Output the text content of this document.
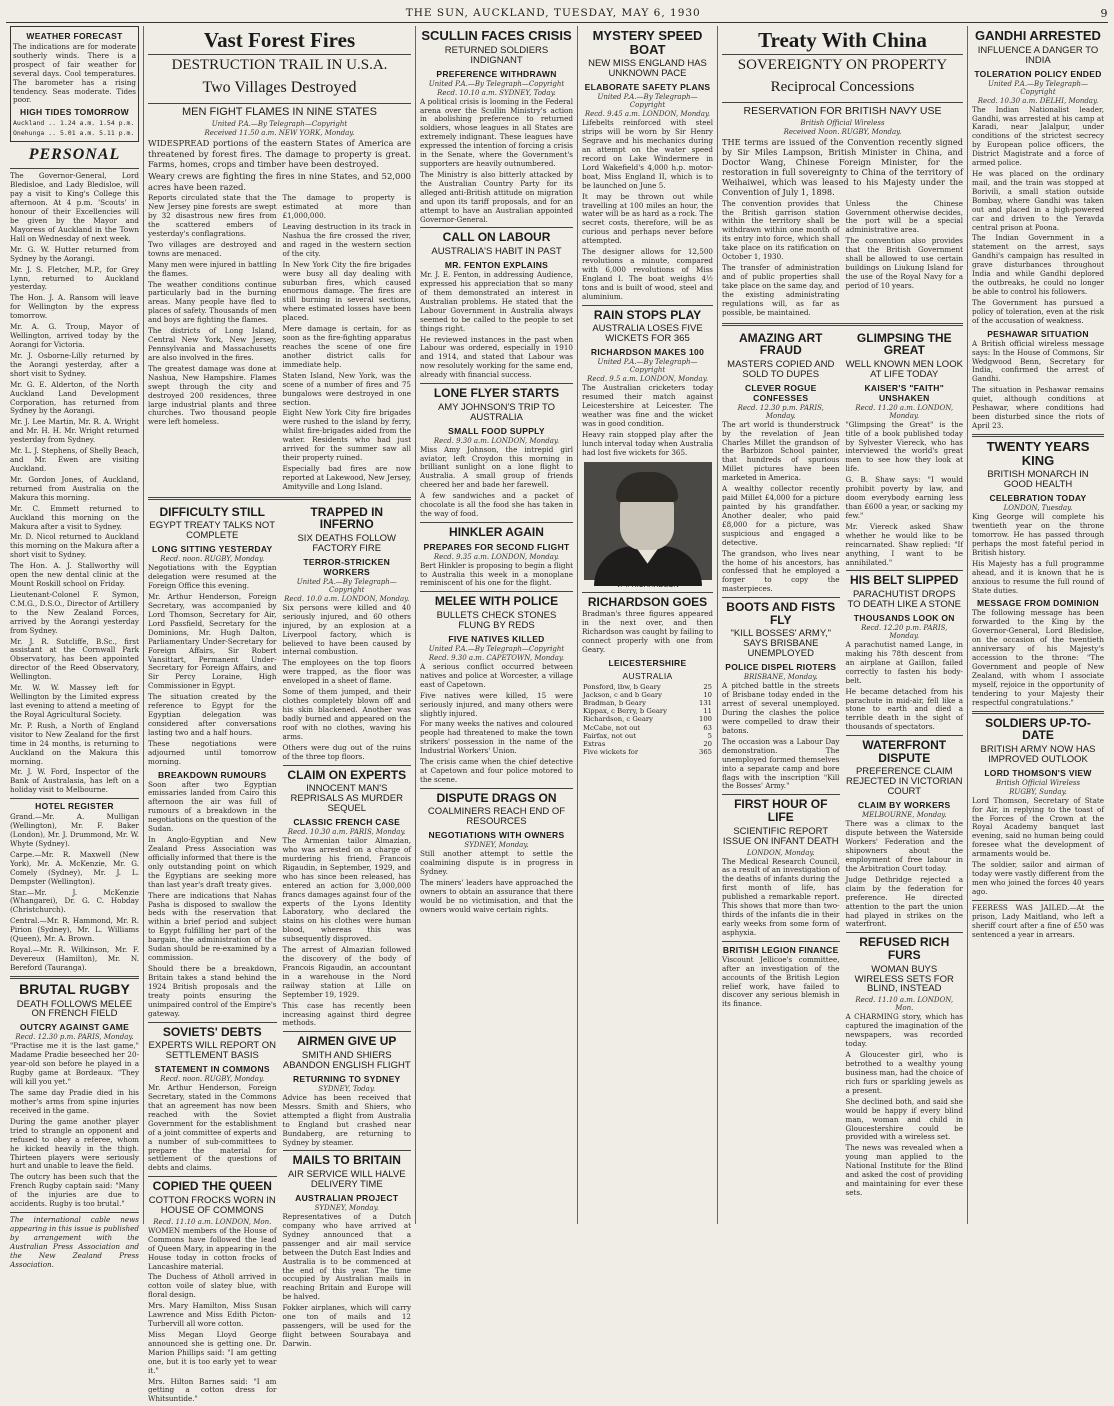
THE SUN, AUCKLAND, TUESDAY, MAY 6, 1930	9
WEATHER FORECAST

The indications are for moderate southerly winds. There is a prospect of fair weather for several days. Cool temperatures. The barometer has a rising tendency. Seas moderate. Tides poor.

HIGH TIDES TOMORROW

Auckland .. 1.24 a.m. 1.54 p.m.

Onehunga .. 5.01 a.m. 5.11 p.m.

PERSONAL

The Governor-General, Lord Bledisloe, and Lady Bledisloe, will pay a visit to King's College this afternoon. At 4 p.m. 'Scouts' in honour of their Excellencies will be given by the Mayor and Mayoress of Auckland in the Town Hall on Wednesday of next week.

Mr. G. W. Hutter returned from Sydney by the Aorangi.

Mr. J. S. Fletcher, M.P., for Grey Lynn, returned to Auckland yesterday.

The Hon. J. A. Ransom will leave for Wellington by the express tomorrow.

Mr. A. G. Troup, Mayor of Wellington, arrived today by the Aorangi for Victoria.

Mr. J. Osborne-Lilly returned by the Aorangi yesterday, after a short visit to Sydney.

Mr. G. E. Alderton, of the North Auckland Land Development Corporation, has returned from Sydney by the Aorangi.

Mr. J. Lee Martin, Mr. R. A. Wright and Mr. H. H. Mr. Wright returned yesterday from Sydney.

Mr. L. J. Stephens, of Shelly Beach, and Mr. Ewen are visiting Auckland.

Mr. Gordon Jones, of Auckland, returned from Australia on the Makura this morning.

Mr. C. Emmett returned to Auckland this morning on the Makura after a visit to Sydney.

Mr. D. Nicol returned to Auckland this morning on the Makura after a short visit to Sydney.

The Hon. A. J. Stallworthy will open the new dental clinic at the Mount Roskill school on Friday.

Lieutenant-Colonel F. Symon, C.M.G., D.S.O., Director of Artillery to the New Zealand Forces, arrived by the Aorangi yesterday from Sydney.

Mr. J. R. Sutcliffe, B.Sc., first assistant at the Cornwall Park Observatory, has been appointed director of the Reed Observatory, Wellington.

Mr. W. W. Massey left for Wellington by the Limited express last evening to attend a meeting of the Royal Agricultural Society.

Mr. P. Rush, a North of England visitor to New Zealand for the first time in 24 months, is returning to Auckland on the Makura this morning.

Mr. J. W. Ford, Inspector of the Bank of Australasia, has left on a holiday visit to Melbourne.

HOTEL REGISTER

Grand.—Mr. A. Mulligan (Wellington), Mr. F. Baker (London), Mr. J. Drummond, Mr. W. Whyte (Sydney).

Carpe.—Mr. R. Maxwell (New York), Mr. A. McKenzie, Mr. G. Comely (Sydney), Mr. J. L. Dempster (Wellington).

Star.—Mr. J. McKenzie (Whangarei), Dr. G. C. Hobday (Christchurch).

Central.—Mr. R. Hammond, Mr. R. Pirion (Sydney), Mr. L. Williams (Queen), Mr. A. Brown.

Royal.—Mr. R. Wilkinson, Mr. F. Devereux (Hamilton), Mr. N. Bereford (Tauranga).

BRUTAL RUGBY
DEATH FOLLOWS MELEE ON FRENCH FIELD
OUTCRY AGAINST GAME
Recd. 12.30 p.m. PARIS, Monday.

"Practise me it is the last game," Madame Pradie beseeched her 20-year-old son before he played in a Rugby game at Bordeaux. "They will kill you yet."

The same day Pradie died in his mother's arms from spine injuries received in the game.

During the game another player tried to strangle an opponent and refused to obey a referee, whom he kicked heavily in the thigh. Thirteen players were seriously hurt and unable to leave the field.

The outcry has been such that the French Rugby captain said: "Many of the injuries are due to accidents. Rugby is too brutal."

The international cable news appearing in this issue is published by arrangement with the Australian Press Association and the New Zealand Press Association.

Vast Forest Fires
DESTRUCTION TRAIL IN U.S.A.
Two Villages Destroyed
MEN FIGHT FLAMES IN NINE STATES
United P.A.—By Telegraph—Copyright
Received 11.50 a.m. NEW YORK, Monday.

WIDESPREAD portions of the eastern States of America are threatened by forest fires. The damage to property is great. Farms, homes, crops and timber have been destroyed.

Weary crews are fighting the fires in nine States, and 52,000 acres have been razed.

Reports circulated state that the New Jersey pine forests are swept by 32 disastrous new fires from the scattered embers of yesterday's conflagrations.

Two villages are destroyed and towns are menaced.

Many men were injured in battling the flames.

The weather conditions continue particularly bad in the burning areas. Many people have fled to places of safety. Thousands of men and boys are fighting the flames.

The districts of Long Island, Central New York, New Jersey, Pennsylvania and Massachusetts are also involved in the fires.

The greatest damage was done at Nashua, New Hampshire. Flames swept through the city and destroyed 200 residences, three large industrial plants and three churches. Two thousand people were left homeless.

The damage to property is estimated at more than £1,000,000.

Leaving destruction in its track in Nashua the fire crossed the river, and raged in the western section of the city.

In New York City the fire brigades were busy all day dealing with suburban fires, which caused enormous damage. The fires are still burning in several sections, where estimated losses have been placed.

Mere damage is certain, for as soon as the fire-fighting apparatus reaches the scene of one fire another district calls for immediate help.

Staten Island, New York, was the scene of a number of fires and 75 bungalows were destroyed in one section.

Eight New York City fire brigades were rushed to the island by ferry, whilst fire-brigades aided from the water. Residents who had just arrived for the summer saw all their property ruined.

Especially bad fires are now reported at Lakewood, New Jersey, Amityville and Long Island.

DIFFICULTY STILL
EGYPT TREATY TALKS NOT COMPLETE
LONG SITTING YESTERDAY
Recd. noon. RUGBY, Monday.

Negotiations with the Egyptian delegation were resumed at the Foreign Office this evening.

Mr. Arthur Henderson, Foreign Secretary, was accompanied by Lord Thomson, Secretary for Air, Lord Passfield, Secretary for the Dominions, Mr. Hugh Dalton, Parliamentary Under-Secretary for Foreign Affairs, Sir Robert Vansittart, Permanent Under-Secretary for Foreign Affairs, and Sir Percy Loraine, High Commissioner in Egypt.

The situation created by the reference to Egypt for the Egyptian delegation was considered after conversations lasting two and a half hours.

These negotiations were adjourned until tomorrow morning.

BREAKDOWN RUMOURS

Soon after two Egyptian emissaries landed from Cairo this afternoon the air was full of rumours of a breakdown in the negotiations on the question of the Sudan.

In Anglo-Egyptian and New Zealand Press Association was officially informed that there is the only outstanding point on which the Egyptians are seeking more than last year's draft treaty gives.

There are indications that Nahas Pasha is disposed to swallow the beds with the reservation that within a brief period and subject to Egypt fulfilling her part of the bargain, the administration of the Sudan should be re-examined by a commission.

Should there be a breakdown, Britain takes a stand behind the 1924 British proposals and the treaty points ensuring the unimpaired control of the Empire's gateway.

SOVIETS' DEBTS
EXPERTS WILL REPORT ON SETTLEMENT BASIS
STATEMENT IN COMMONS
Recd. noon. RUGBY, Monday.

Mr. Arthur Henderson, Foreign Secretary, stated in the Commons that an agreement has now been reached with the Soviet Government for the establishment of a joint committee of experts and a number of sub-committees to prepare the material for settlement of the questions of debts and claims.

COPIED THE QUEEN
COTTON FROCKS WORN IN HOUSE OF COMMONS
Recd. 11.10 a.m. LONDON, Mon.

WOMEN members of the House of Commons have followed the lead of Queen Mary, in appearing in the House today in cotton frocks of Lancashire material.

The Duchess of Atholl arrived in cotton voile of slatey blue, with floral design.

Mrs. Mary Hamilton, Miss Susan Lawrence and Miss Edith Picton-Turbervill all wore cotton.

Miss Megan Lloyd George announced she is getting one. Dr. Marion Phillips said: "I am getting one, but it is too early yet to wear it."

Mrs. Hilton Barnes said: "I am getting a cotton dress for Whitsuntide."

TRAPPED IN INFERNO
SIX DEATHS FOLLOW FACTORY FIRE
TERROR-STRICKEN WORKERS
United P.A.—By Telegraph—Copyright
Recd. 10.0 a.m. LONDON, Monday.

Six persons were killed and 40 seriously injured, and 60 others injured, by an explosion at a Liverpool factory, which is believed to have been caused by internal combustion.

The employees on the top floors were trapped, as the floor was enveloped in a sheet of flame.

Some of them jumped, and their clothes completely blown off and his skin blackened. Another was badly burned and appeared on the roof with no clothes, waving his arms.

Others were dug out of the ruins of the three top floors.

CLAIM ON EXPERTS
INNOCENT MAN'S REPRISALS AS MURDER SEQUEL
CLASSIC FRENCH CASE
Recd. 10.30 a.m. PARIS, Monday.

The Armenian tailor Almazian, who was arrested on a charge of murdering his friend, Francois Rigaudin, in September, 1929, and who has since been released, has entered an action for 3,000,000 francs damages against four of the experts of the Lyons Identity Laboratory, who declared the stains on his clothes were human blood, whereas this was subsequently disproved.

The arrest of Almazian followed the discovery of the body of Francois Rigaudin, an accountant in a warehouse in the Nord railway station at Lille on September 19, 1929.

This case has recently been increasing against third degree methods.

AIRMEN GIVE UP
SMITH AND SHIERS ABANDON ENGLISH FLIGHT
RETURNING TO SYDNEY
SYDNEY, Today.

Advice has been received that Messrs. Smith and Shiers, who attempted a flight from Australia to England but crashed near Bundaberg, are returning to Sydney by steamer.

MAILS TO BRITAIN
AIR SERVICE WILL HALVE DELIVERY TIME
AUSTRALIAN PROJECT
SYDNEY, Monday.

Representatives of a Dutch company who have arrived at Sydney announced that a passenger and air mail service between the Dutch East Indies and Australia is to be commenced at the end of this year. The time occupied by Australian mails in reaching Britain and Europe will be halved.

Fokker airplanes, which will carry one ton of mails and 12 passengers, will be used for the flight between Sourabaya and Darwin.

SCULLIN FACES CRISIS
RETURNED SOLDIERS INDIGNANT
PREFERENCE WITHDRAWN
United P.A.—By Telegraph—Copyright
Recd. 10.10 a.m. SYDNEY, Today.

A political crisis is looming in the Federal arena over the Scullin Ministry's action in abolishing preference to returned soldiers, whose leagues in all States are extremely indignant. These leagues have expressed the intention of forcing a crisis in the Senate, where the Government's supporters are heavily outnumbered.

The Ministry is also bitterly attacked by the Australian Country Party for its alleged anti-British attitude on migration and upon its tariff proposals, and for an attempt to have an Australian appointed Governor-General.

CALL ON LABOUR
AUSTRALIA'S HABIT IN PAST
MR. FENTON EXPLAINS

Mr. J. E. Fenton, in addressing Audience, expressed his appreciation that so many of them demonstrated an interest in Australian problems. He stated that the Labour Government in Australia always seemed to be called to the people to set things right.

He reviewed instances in the past when Labour was ordered, especially in 1910 and 1914, and stated that Labour was now resolutely working for the same end, already with financial success.

LONE FLYER STARTS
AMY JOHNSON'S TRIP TO AUSTRALIA
SMALL FOOD SUPPLY
Recd. 9.30 a.m. LONDON, Monday.

Miss Amy Johnson, the intrepid girl aviator, left Croydon this morning in brilliant sunlight on a lone flight to Australia. A small group of friends cheered her and bade her farewell.

A few sandwiches and a packet of chocolate is all the food she has taken in the way of food.

HINKLER AGAIN
PREPARES FOR SECOND FLIGHT
Recd. 9.35 a.m. LONDON, Monday.

Bert Hinkler is proposing to begin a flight to Australia this week in a monoplane reminiscent of his one for the flight.

MELEE WITH POLICE
BULLETS CHECK STONES FLUNG BY REDS
FIVE NATIVES KILLED
United P.A.—By Telegraph—Copyright
Recd. 9.30 a.m. CAPETOWN, Monday.

A serious conflict occurred between natives and police at Worcester, a village east of Capetown.

Five natives were killed, 15 were seriously injured, and many others were slightly injured.

For many weeks the natives and coloured people had threatened to make the town strikers' possession in the name of the Industrial Workers' Union.

The crisis came when the chief detective at Capetown and four police motored to the scene.

DISPUTE DRAGS ON
COALMINERS REACH END OF RESOURCES
NEGOTIATIONS WITH OWNERS
SYDNEY, Monday.

Still another attempt to settle the coalmining dispute is in progress in Sydney.

The miners' leaders have approached the owners to obtain an assurance that there would be no victimisation, and that the owners would waive certain rights.

MYSTERY SPEED BOAT
NEW MISS ENGLAND HAS UNKNOWN PACE
ELABORATE SAFETY PLANS
United P.A.—By Telegraph—Copyright
Recd. 9.45 a.m. LONDON, Monday.

Lifebelts reinforced with steel strips will be worn by Sir Henry Segrave and his mechanics during an attempt on the water speed record on Lake Windermere in Lord Wakefield's 4,000 h.p. motor-boat, Miss England II, which is to be launched on June 5.

It may be thrown out while travelling at 100 miles an hour, the water will be as hard as a rock. The secret costs, therefore, will be as curious and perhaps never before attempted.

The designer allows for 12,500 revolutions a minute, compared with 6,000 revolutions of Miss England I. The boat weighs 4½ tons and is built of wood, steel and aluminium.

RAIN STOPS PLAY
AUSTRALIA LOSES FIVE WICKETS FOR 365
RICHARDSON MAKES 100
United P.A.—By Telegraph—Copyright
Recd. 9.5 a.m. LONDON, Monday.

The Australian cricketers today resumed their match against Leicestershire at Leicester. The weather was fine and the wicket was in good condition.

Heavy rain stopped play after the lunch interval today when Australia had lost five wickets for 365.

RICHARDSON GOES

Bradman's three figures appeared in the next over, and then Richardson was caught by failing to connect properly with one from Geary.

LEICESTERSHIRE
AUSTRALIA
Ponsford, lbw, b Geary	25
Jackson, c and b Geary	10
Bradman, b Geary	131
Kippax, c Berry, b Geary	11
Richardson, c Geary	100
McCabe, not out	63
Fairfax, not out	5
Extras	20
Five wickets for	365
Treaty With China
SOVEREIGNTY ON PROPERTY
Reciprocal Concessions
RESERVATION FOR BRITISH NAVY USE
British Official Wireless
Received Noon. RUGBY, Monday.

THE terms are issued of the Convention recently signed by Sir Miles Lampson, British Minister in China, and Doctor Wang, Chinese Foreign Minister, for the restoration in full sovereignty to China of the territory of Weihaiwei, which was leased to his Majesty under the Convention of July 1, 1898.

The convention provides that the British garrison station within the territory shall be withdrawn within one month of its entry into force, which shall take place on its ratification on October 1, 1930.

The transfer of administration and of public properties shall take place on the same day, and the existing administrating regulations will, as far as possible, be maintained.

Unless the Chinese Government otherwise decides, the port will be a special administrative area.

The convention also provides that the British Government shall be allowed to use certain buildings on Liukung Island for the use of the Royal Navy for a period of 10 years.

AMAZING ART FRAUD
MASTERS COPIED AND SOLD TO DUPES
CLEVER ROGUE CONFESSES
Recd. 12.30 p.m. PARIS, Monday.

The art world is thunderstruck by the revelation of Jean Charles Millet the grandson of the Barbizon School painter, that hundreds of spurious Millet pictures have been marketed in America.

A wealthy collector recently paid Millet £4,000 for a picture painted by his grandfather. Another dealer, who paid £8,000 for a picture, was suspicious and engaged a detective.

The grandson, who lives near the home of his ancestors, has confessed that he employed a forger to copy the masterpieces.

BOOTS AND FISTS FLY
"KILL BOSSES' ARMY," SAYS BRISBANE UNEMPLOYED
POLICE DISPEL RIOTERS
BRISBANE, Monday.

A pitched battle in the streets of Brisbane today ended in the arrest of several unemployed. During the clashes the police were compelled to draw their batons.

The occasion was a Labour Day demonstration. The unemployed formed themselves into a separate camp and bore flags with the inscription "Kill the Bosses' Army."

FIRST HOUR OF LIFE
SCIENTIFIC REPORT ISSUE ON INFANT DEATH
LONDON, Monday.

The Medical Research Council, as a result of an investigation of the deaths of infants during the first month of life, has published a remarkable report. This shows that more than two-thirds of the infants die in their early weeks from some form of asphyxia.

BRITISH LEGION FINANCE

Viscount Jellicoe's committee, after an investigation of the accounts of the British Legion relief work, have failed to discover any serious blemish in its finance.

GLIMPSING THE GREAT
WELL KNOWN MEN LOOK AT LIFE TODAY
KAISER'S "FAITH" UNSHAKEN
Recd. 11.20 a.m. LONDON, Monday.

"Glimpsing the Great" is the title of a book published today by Sylvester Viereck, who has interviewed the world's great men to see how they look at life.

G. B. Shaw says: "I would prohibit poverty by law, and doom everybody earning less than £600 a year, or sacking my few."

Mr. Viereck asked Shaw whether he would like to be reincarnated. Shaw replied: "If anything, I want to be annihilated."

HIS BELT SLIPPED
PARACHUTIST DROPS TO DEATH LIKE A STONE
THOUSANDS LOOK ON
Recd. 12.20 p.m. PARIS, Monday.

A parachutist named Lange, in making his 78th descent from an airplane at Gaillon, failed correctly to fasten his body-belt.

He became detached from his parachute in mid-air, fell like a stone to earth and died a terrible death in the sight of thousands of spectators.

WATERFRONT DISPUTE
PREFERENCE CLAIM REJECTED IN VICTORIAN COURT
CLAIM BY WORKERS
MELBOURNE, Monday.

There was a climax to the dispute between the Waterside Workers' Federation and the shipowners about the employment of free labour in the Arbitration Court today.

Judge Dethridge rejected a claim by the federation for preference. He directed attention to the part the union had played in strikes on the waterfront.

REFUSED RICH FURS
WOMAN BUYS WIRELESS SETS FOR BLIND, INSTEAD
Recd. 11.10 a.m. LONDON, Mon.

A CHARMING story, which has captured the imagination of the newspapers, was recorded today.

A Gloucester girl, who is betrothed to a wealthy young business man, had the choice of rich furs or sparkling jewels as a present.

She declined both, and said she would be happy if every blind man, woman and child in Gloucestershire could be provided with a wireless set.

The news was revealed when a young man applied to the National Institute for the Blind and asked the cost of providing and maintaining for ever these sets.

GANDHI ARRESTED
INFLUENCE A DANGER TO INDIA
TOLERATION POLICY ENDED
United P.A.—By Telegraph—Copyright
Recd. 10.30 a.m. DELHI, Monday.

The Indian Nationalist leader, Gandhi, was arrested at his camp at Karadi, near Jalalpur, under conditions of the strictest secrecy by European police officers, the District Magistrate and a force of armed police.

He was placed on the ordinary mail, and the train was stopped at Borivili, a small station outside Bombay, where Gandhi was taken out and placed in a high-powered car and driven to the Yeravda central prison at Poona.

The Indian Government in a statement on the arrest, says Gandhi's campaign has resulted in grave disturbances throughout India and while Gandhi deplored the outbreaks, he could no longer be able to control his followers.

The Government has pursued a policy of toleration, even at the risk of the accusation of weakness.

PESHAWAR SITUATION

A British official wireless message says: In the House of Commons, Sir Wedgwood Benn, Secretary for India, confirmed the arrest of Gandhi.

The situation in Peshawar remains quiet, although conditions at Peshawar, where conditions had been disturbed since the riots of April 23.

TWENTY YEARS KING
BRITISH MONARCH IN GOOD HEALTH
CELEBRATION TODAY
LONDON, Tuesday.

King George will complete his twentieth year on the throne tomorrow. He has passed through perhaps the most fateful period in British history.

His Majesty has a full programme ahead, and it is known that he is anxious to resume the full round of State duties.

MESSAGE FROM DOMINION

The following message has been forwarded to the King by the Governor-General, Lord Bledisloe, on the occasion of the twentieth anniversary of his Majesty's accession to the throne: "The Government and people of New Zealand, with whom I associate myself, rejoice in the opportunity of tendering to your Majesty their respectful congratulations."

SOLDIERS UP-TO-DATE
BRITISH ARMY NOW HAS IMPROVED OUTLOOK
LORD THOMSON'S VIEW
British Official Wireless
RUGBY, Sunday.

Lord Thomson, Secretary of State for Air, in replying to the toast of the Forces of the Crown at the Royal Academy banquet last evening, said no human being could foresee what the development of armaments would be.

The soldier, sailor and airman of today were vastly different from the men who joined the forces 40 years ago.

FEERESS WAS JAILED.—At the prison, Lady Maitland, who left a sheriff court after a fine of £50 was sentenced a year in arrears.
